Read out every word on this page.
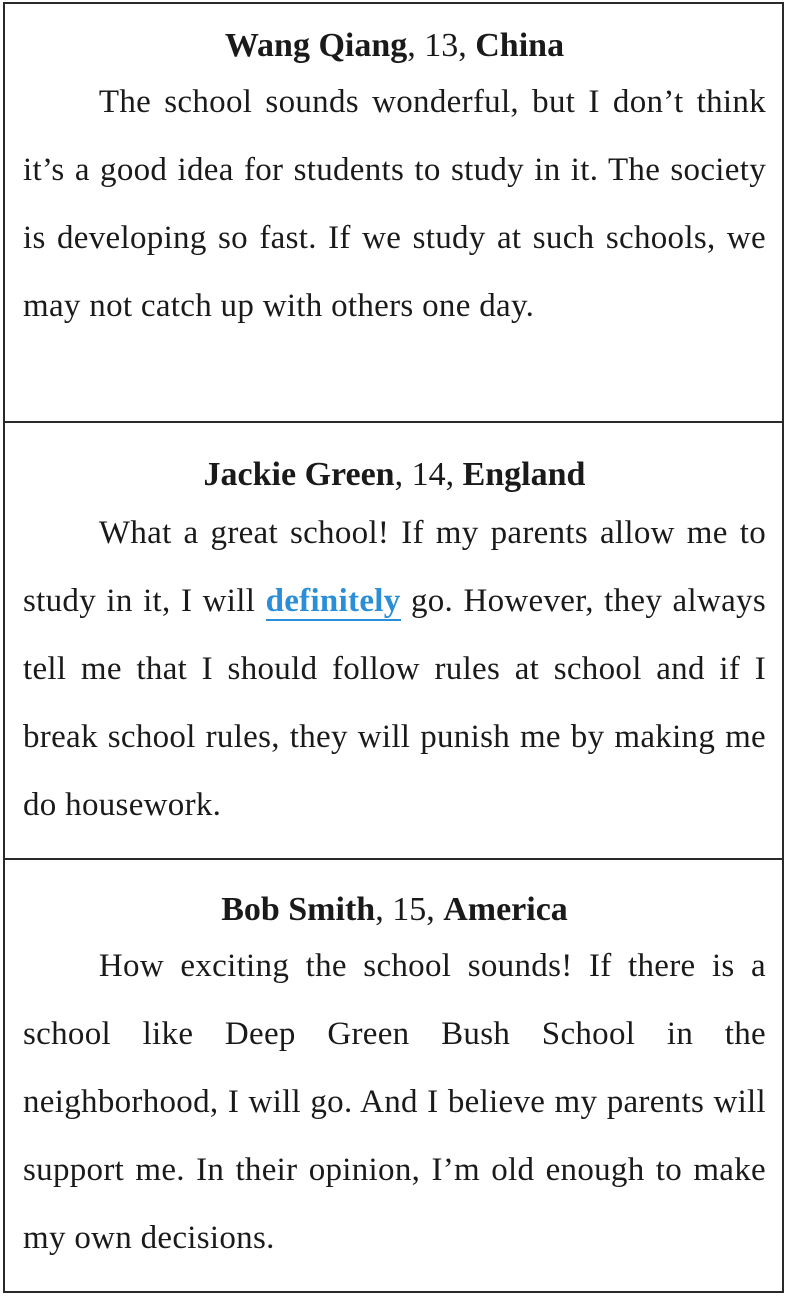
Wang Qiang, 13, China

The school sounds wonderful, but I don’t think it’s a good idea for students to study in it. The society is developing so fast. If we study at such schools, we may not catch up with others one day.

Jackie Green, 14, England

What a great school! If my parents allow me to study in it, I will definitely go. However, they always tell me that I should follow rules at school and if I break school rules, they will punish me by making me do housework.

Bob Smith, 15, America

How exciting the school sounds! If there is a school like Deep Green Bush School in the neighborhood, I will go. And I believe my parents will support me. In their opinion, I’m old enough to make my own decisions.
